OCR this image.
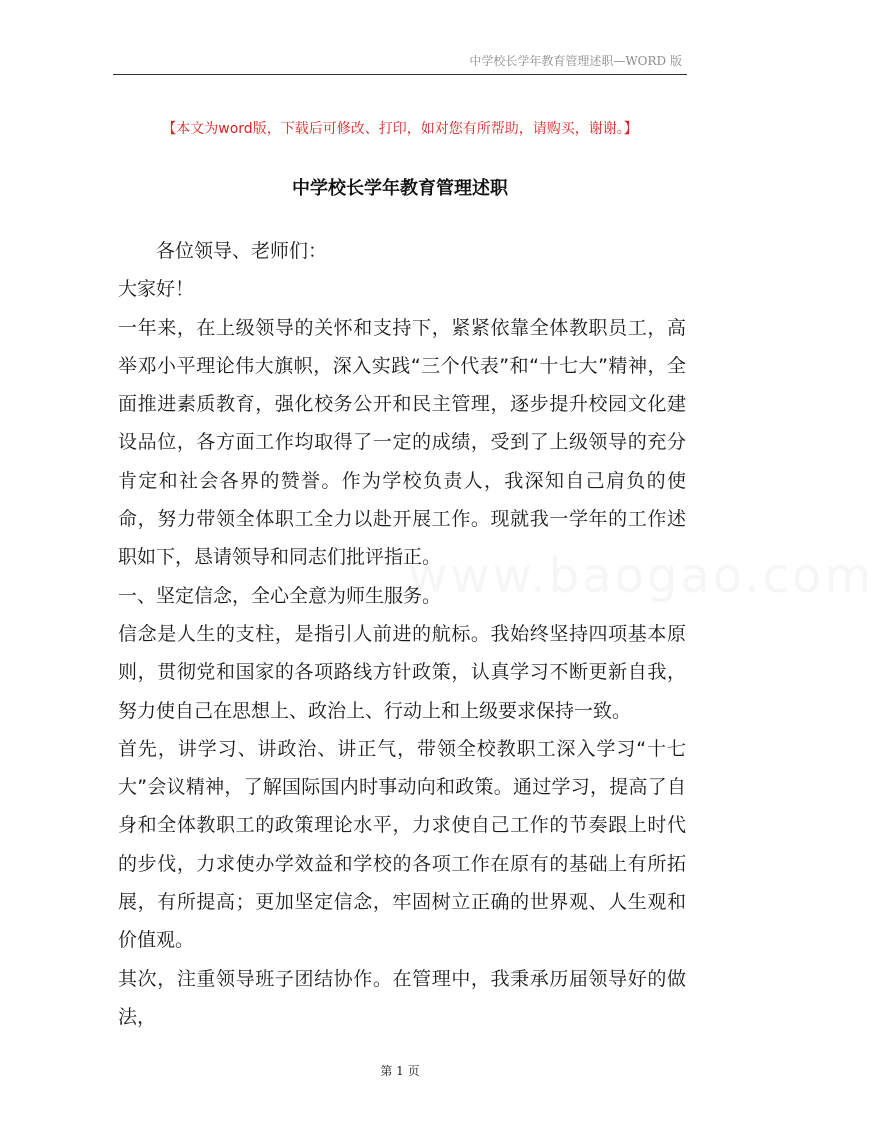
中学校长学年教育管理述职—WORD 版
【本文为word版，下载后可修改、打印，如对您有所帮助，请购买，谢谢。】
中学校长学年教育管理述职
www.baogao.com

各位领导、老师们：

大家好！

一年来，在上级领导的关怀和支持下，紧紧依靠全体教职员工，高举邓小平理论伟大旗帜，深入实践“三个代表”和“十七大”精神，全面推进素质教育，强化校务公开和民主管理，逐步提升校园文化建设品位，各方面工作均取得了一定的成绩，受到了上级领导的充分肯定和社会各界的赞誉。作为学校负责人，我深知自己肩负的使命，努力带领全体职工全力以赴开展工作。现就我一学年的工作述职如下，恳请领导和同志们批评指正。

一、坚定信念，全心全意为师生服务。

信念是人生的支柱，是指引人前进的航标。我始终坚持四项基本原则，贯彻党和国家的各项路线方针政策，认真学习不断更新自我，努力使自己在思想上、政治上、行动上和上级要求保持一致。

首先，讲学习、讲政治、讲正气，带领全校教职工深入学习“十七大”会议精神，了解国际国内时事动向和政策。通过学习，提高了自身和全体教职工的政策理论水平，力求使自己工作的节奏跟上时代的步伐，力求使办学效益和学校的各项工作在原有的基础上有所拓展，有所提高；更加坚定信念，牢固树立正确的世界观、人生观和价值观。

其次，注重领导班子团结协作。在管理中，我秉承历届领导好的做法，

第 1 页
